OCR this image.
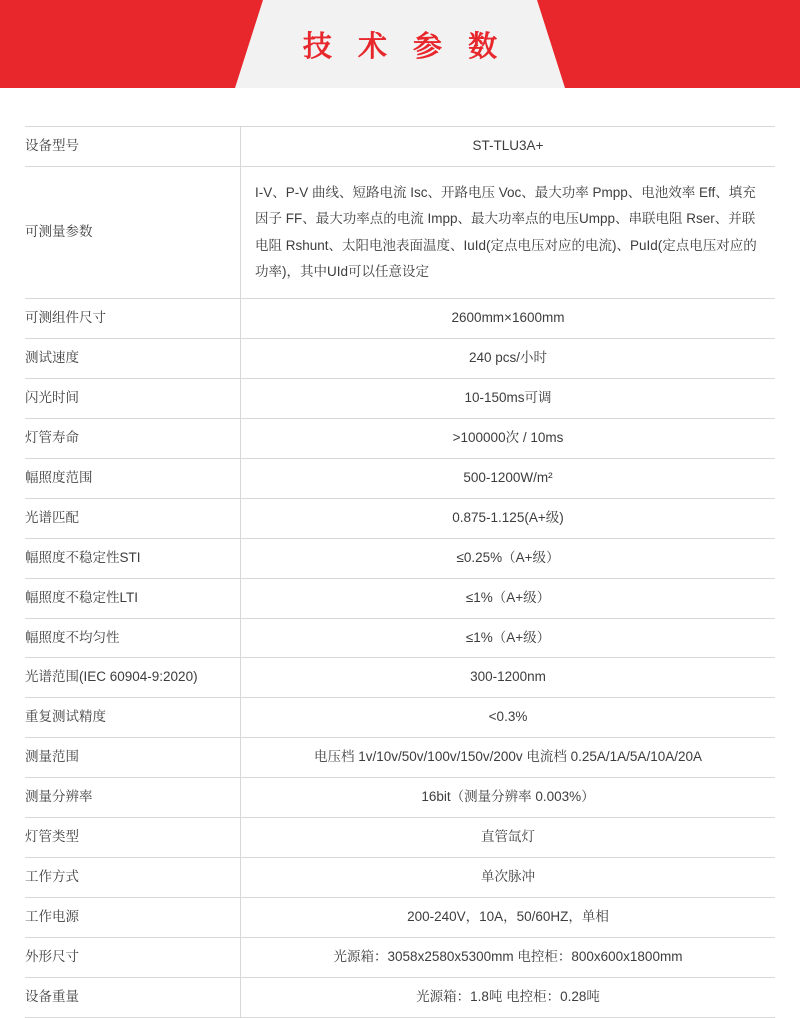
技 术 参 数
设备型号	ST-TLU3A+
可测量参数	I-V、P-V 曲线、短路电流 Isc、开路电压 Voc、最大功率 Pmpp、电池效率 Eff、填充因子 FF、最大功率点的电流 Impp、最大功率点的电压Umpp、串联电阻 Rser、并联电阻 Rshunt、太阳电池表面温度、IuId(定点电压对应的电流)、PuId(定点电压对应的功率)，其中UId可以任意设定
可测组件尺寸	2600mm×1600mm
测试速度	240 pcs/小时
闪光时间	10-150ms可调
灯管寿命	>100000次 / 10ms
幅照度范围	500-1200W/m²
光谱匹配	0.875-1.125(A+级)
幅照度不稳定性STI	≤0.25%（A+级）
幅照度不稳定性LTI	≤1%（A+级）
幅照度不均匀性	≤1%（A+级）
光谱范围(IEC 60904-9:2020)	300-1200nm
重复测试精度	<0.3%
测量范围	电压档 1v/10v/50v/100v/150v/200v 电流档 0.25A/1A/5A/10A/20A
测量分辨率	16bit（测量分辨率 0.003%）
灯管类型	直管氙灯
工作方式	单次脉冲
工作电源	200-240V，10A，50/60HZ，单相
外形尺寸	光源箱：3058x2580x5300mm 电控柜：800x600x1800mm
设备重量	光源箱：1.8吨 电控柜：0.28吨
